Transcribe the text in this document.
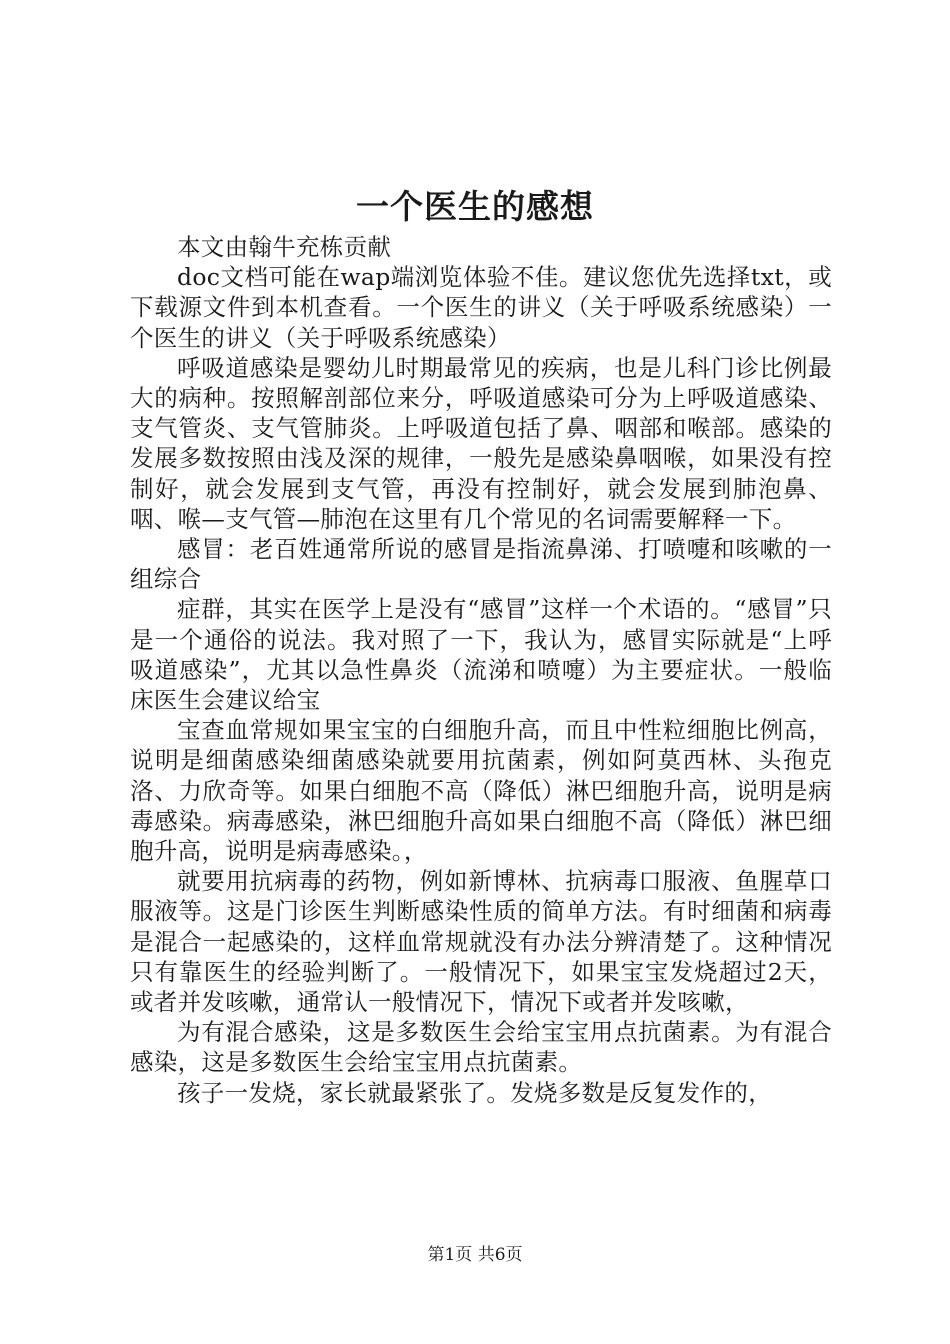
一个医生的感想

本文由翰牛充栋贡献

doc文档可能在wap端浏览体验不佳。建议您优先选择txt，或下载源文件到本机查看。一个医生的讲义（关于呼吸系统感染）一个医生的讲义（关于呼吸系统感染）

呼吸道感染是婴幼儿时期最常见的疾病，也是儿科门诊比例最大的病种。按照解剖部位来分，呼吸道感染可分为上呼吸道感染、支气管炎、支气管肺炎。上呼吸道包括了鼻、咽部和喉部。感染的发展多数按照由浅及深的规律，一般先是感染鼻咽喉，如果没有控制好，就会发展到支气管，再没有控制好，就会发展到肺泡鼻、咽、喉—支气管—肺泡在这里有几个常见的名词需要解释一下。

感冒：老百姓通常所说的感冒是指流鼻涕、打喷嚏和咳嗽的一组综合

症群，其实在医学上是没有“感冒”这样一个术语的。“感冒”只是一个通俗的说法。我对照了一下，我认为，感冒实际就是“上呼吸道感染”，尤其以急性鼻炎（流涕和喷嚏）为主要症状。一般临床医生会建议给宝

宝查血常规如果宝宝的白细胞升高，而且中性粒细胞比例高，说明是细菌感染细菌感染就要用抗菌素，例如阿莫西林、头孢克洛、力欣奇等。如果白细胞不高（降低）淋巴细胞升高，说明是病毒感染。病毒感染，淋巴细胞升高如果白细胞不高（降低）淋巴细胞升高，说明是病毒感染。，

就要用抗病毒的药物，例如新博林、抗病毒口服液、鱼腥草口服液等。这是门诊医生判断感染性质的简单方法。有时细菌和病毒是混合一起感染的，这样血常规就没有办法分辨清楚了。这种情况只有靠医生的经验判断了。一般情况下，如果宝宝发烧超过2天，或者并发咳嗽，通常认一般情况下，情况下或者并发咳嗽，

为有混合感染，这是多数医生会给宝宝用点抗菌素。为有混合感染，这是多数医生会给宝宝用点抗菌素。

孩子一发烧，家长就最紧张了。发烧多数是反复发作的，

第1页 共6页
